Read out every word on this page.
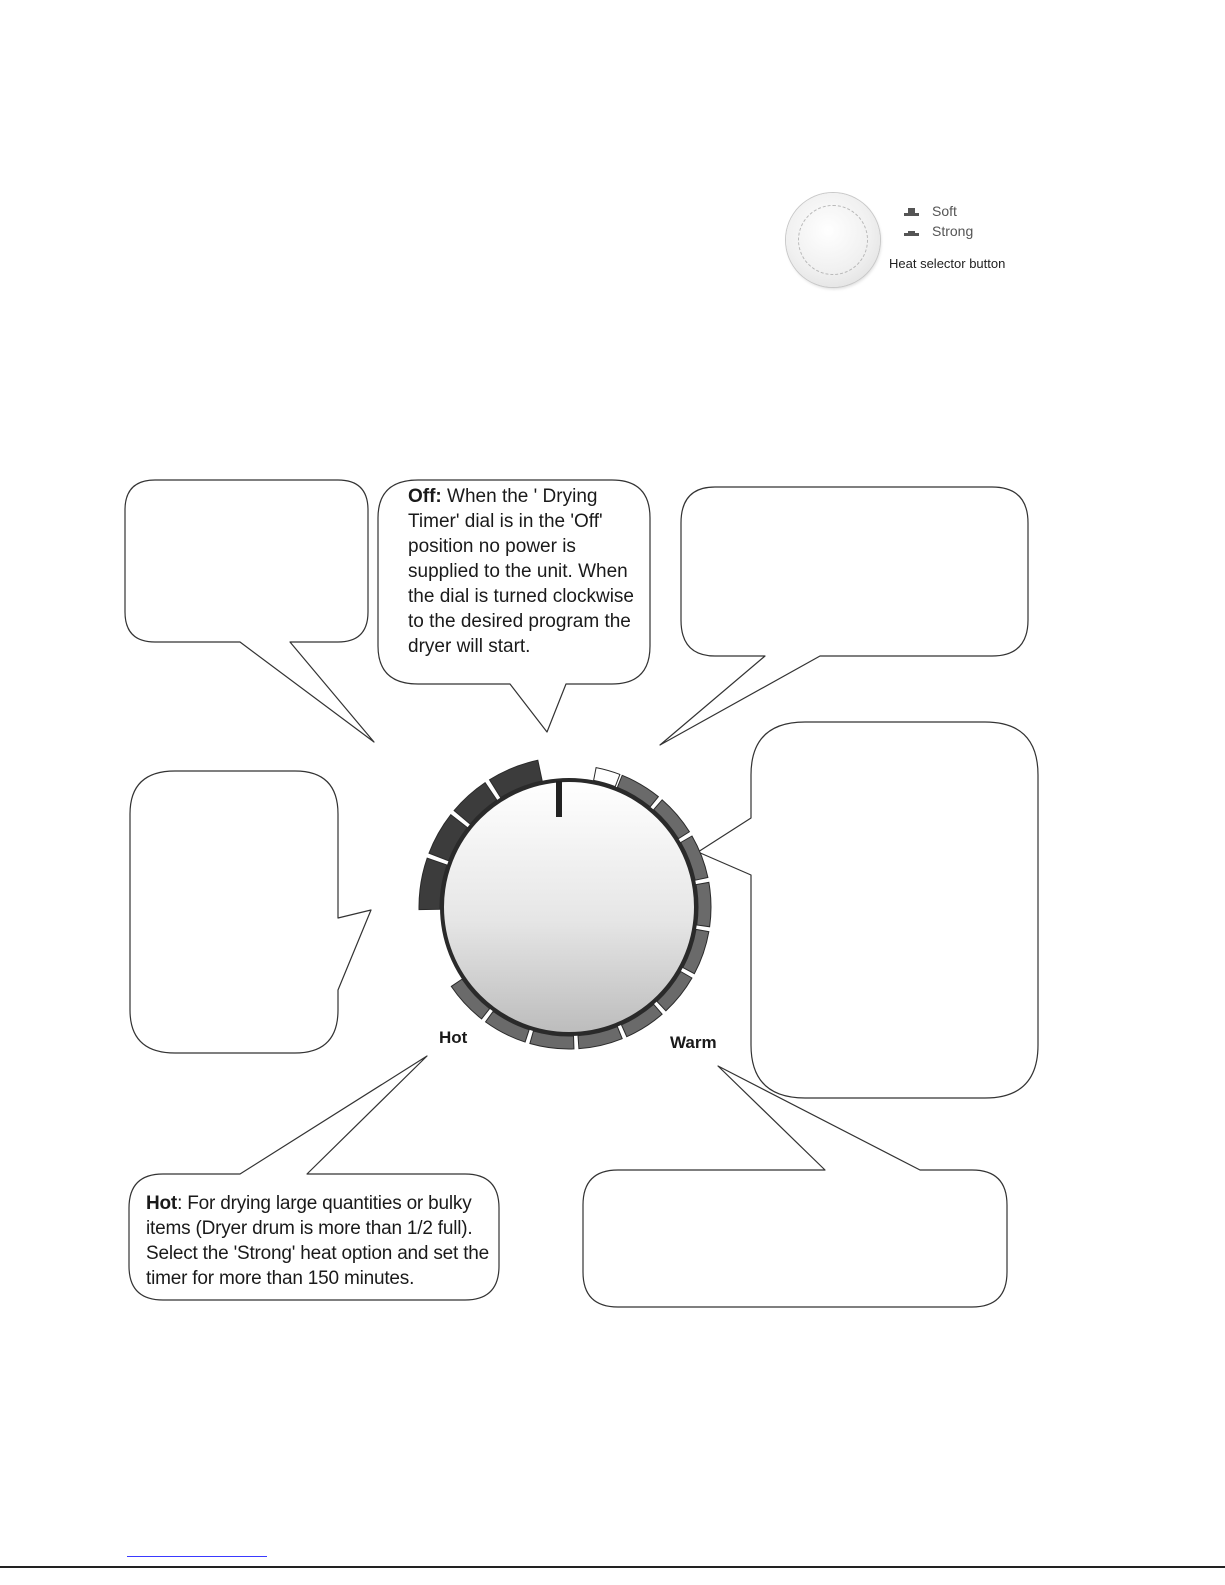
Soft
Strong
Heat selector button
Off: When the ' Drying Timer' dial is in the 'Off' position no power is supplied to the unit. When the dial is turned clockwise to the desired program the dryer will start.
Hot: For drying large quantities or bulky items (Dryer drum is more than 1/2 full). Select the 'Strong' heat option and set the timer for more than 150 minutes.
Hot	Warm
